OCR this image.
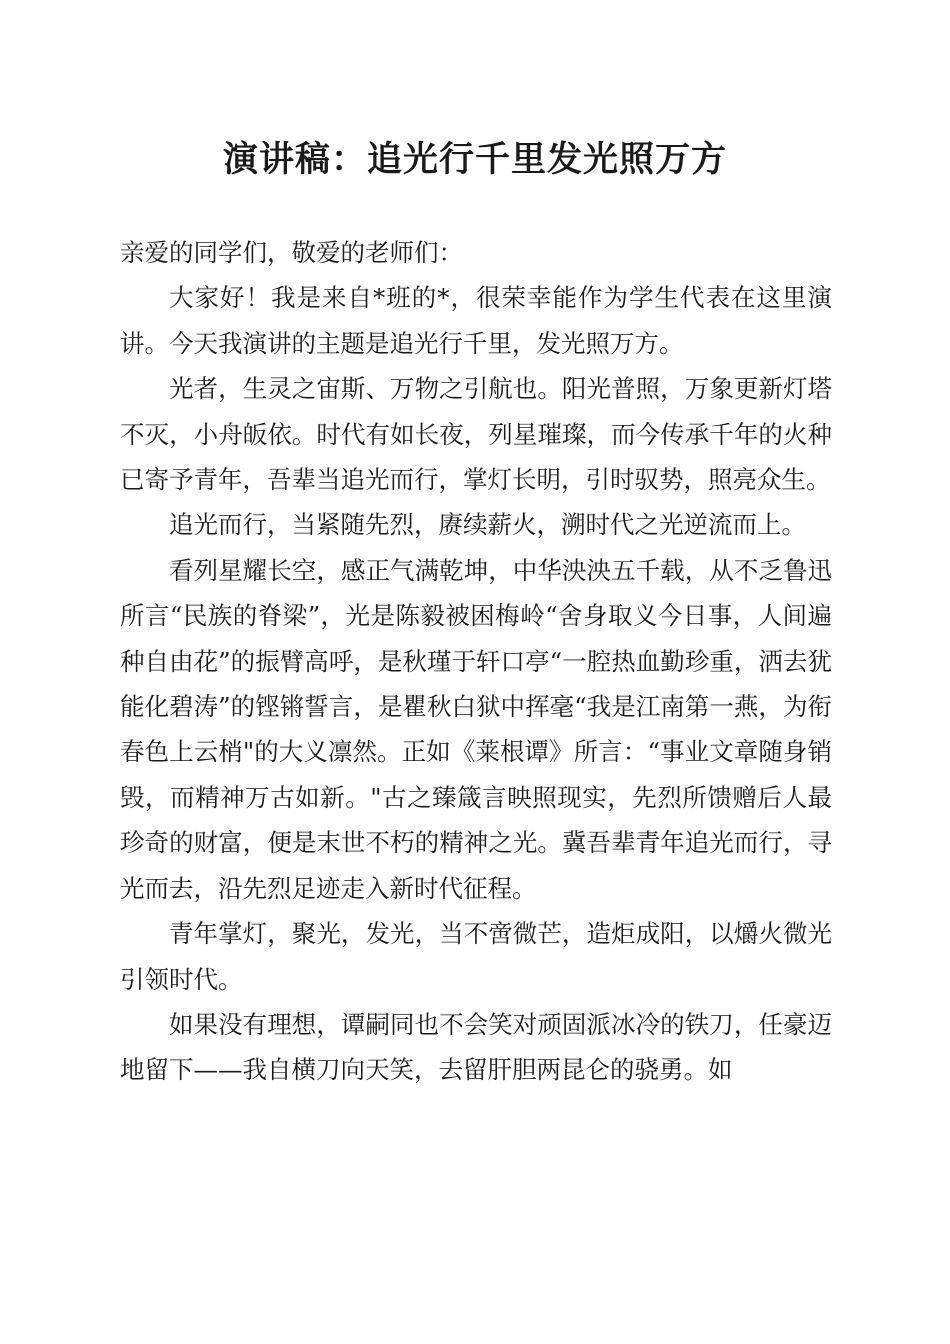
演讲稿：追光行千里发光照万方

亲爱的同学们，敬爱的老师们：

大家好！我是来自*班的*，很荣幸能作为学生代表在这里演讲。今天我演讲的主题是追光行千里，发光照万方。

光者，生灵之宙斯、万物之引航也。阳光普照，万象更新灯塔不灭，小舟皈依。时代有如长夜，列星璀璨，而今传承千年的火种已寄予青年，吾辈当追光而行，掌灯长明，引时驭势，照亮众生。

追光而行，当紧随先烈，赓续薪火，溯时代之光逆流而上。

看列星耀长空，感正气满乾坤，中华泱泱五千载，从不乏鲁迅所言“民族的脊梁”，光是陈毅被困梅岭“舍身取义今日事，人间遍种自由花”的振臂高呼，是秋瑾于轩口亭“一腔热血勤珍重，洒去犹能化碧涛”的铿锵誓言，是瞿秋白狱中挥毫“我是江南第一燕，为衔春色上云梢"的大义凛然。正如《莱根谭》所言：“事业文章随身销毁，而精神万古如新。"古之臻箴言映照现实，先烈所馈赠后人最珍奇的财富，便是末世不朽的精神之光。冀吾辈青年追光而行，寻光而去，沿先烈足迹走入新时代征程。

青年掌灯，聚光，发光，当不啻微芒，造炬成阳，以爝火微光引领时代。

如果没有理想，谭嗣同也不会笑对顽固派冰冷的铁刀，任豪迈地留下——我自横刀向天笑，去留肝胆两昆仑的骁勇。如
